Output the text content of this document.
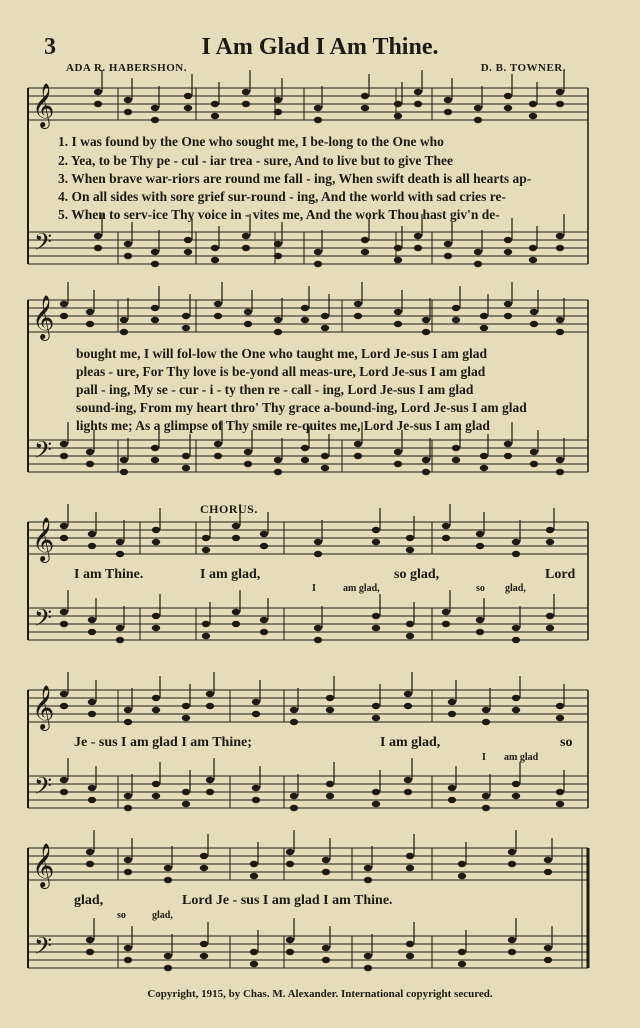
3	I Am Glad I Am Thine.
ADA R. HABERSHON.	D. B. TOWNER.
𝄞
𝄢
𝄞
𝄢
𝄞
𝄢
𝄞
𝄢
𝄞
𝄢
1. I was found by the One who sought me, I be-long to the One who
2. Yea, to be Thy pe - cul - iar trea - sure, And to live but to give Thee
3. When brave war-riors are round me fall - ing, When swift death is all hearts ap-
4. On all sides with sore grief sur-round - ing, And the world with sad cries re-
5. When to serv-ice Thy voice in - vites me, And the work Thou hast giv'n de-
bought me, I will fol-low the One who taught me, Lord Je-sus I am glad
pleas - ure, For Thy love is be-yond all meas-ure, Lord Je-sus I am glad
pall - ing, My se - cur - i - ty then re - call - ing, Lord Je-sus I am glad
sound-ing, From my heart thro' Thy grace a-bound-ing, Lord Je-sus I am glad
lights me; As a glimpse of Thy smile re-quites me, Lord Je-sus I am glad
CHORUS.
I am Thine.	I am glad,	so glad,	Lord
I	am glad,	so glad,
Je - sus I am glad I am Thine;	I am glad,	so
I am glad
glad,	Lord Je - sus I am glad I am Thine.
so	glad,
Copyright, 1915, by Chas. M. Alexander. International copyright secured.
